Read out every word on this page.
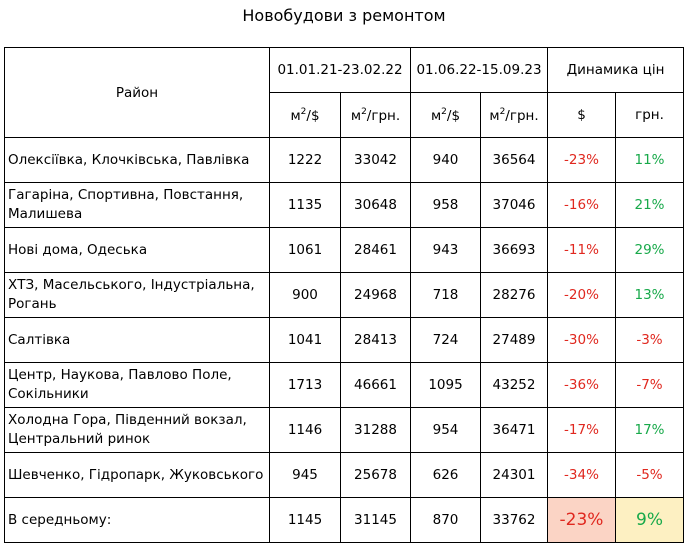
Новобудови з ремонтом
Район	01.01.21-23.02.22		01.06.22-15.09.23		Динамика цін	
	$м^2/\$$	$м^2$/грн.	$м^2/\$$	$м^2$/грн.	$	грн.
Олексіївка, Клочківська, Павлівка	1222	33042	940	36564	-23%	11%
Гагаріна, Спортивна, Повстання, Малишева	1135	30648	958	37046	-16%	21%
Нові дома, Одеська	1061	28461	943	36693	-11%	29%
ХТЗ, Масельського, Індустріальна, Рогань	900	24968	718	28276	-20%	13%
Салтівка	1041	28413	724	27489	-30%	-3%
Центр, Наукова, Павлово Поле, Сокільники	1713	46661	1095	43252	-36%	-7%
Холодна Гора, Південний вокзал, Центральний ринок	1146	31288	954	36471	-17%	17%
Шевченко, Гідропарк, Жуковського	945	25678	626	24301	-34%	-5%
В середньому:	1145	31145	870	33762	-23%	9%
